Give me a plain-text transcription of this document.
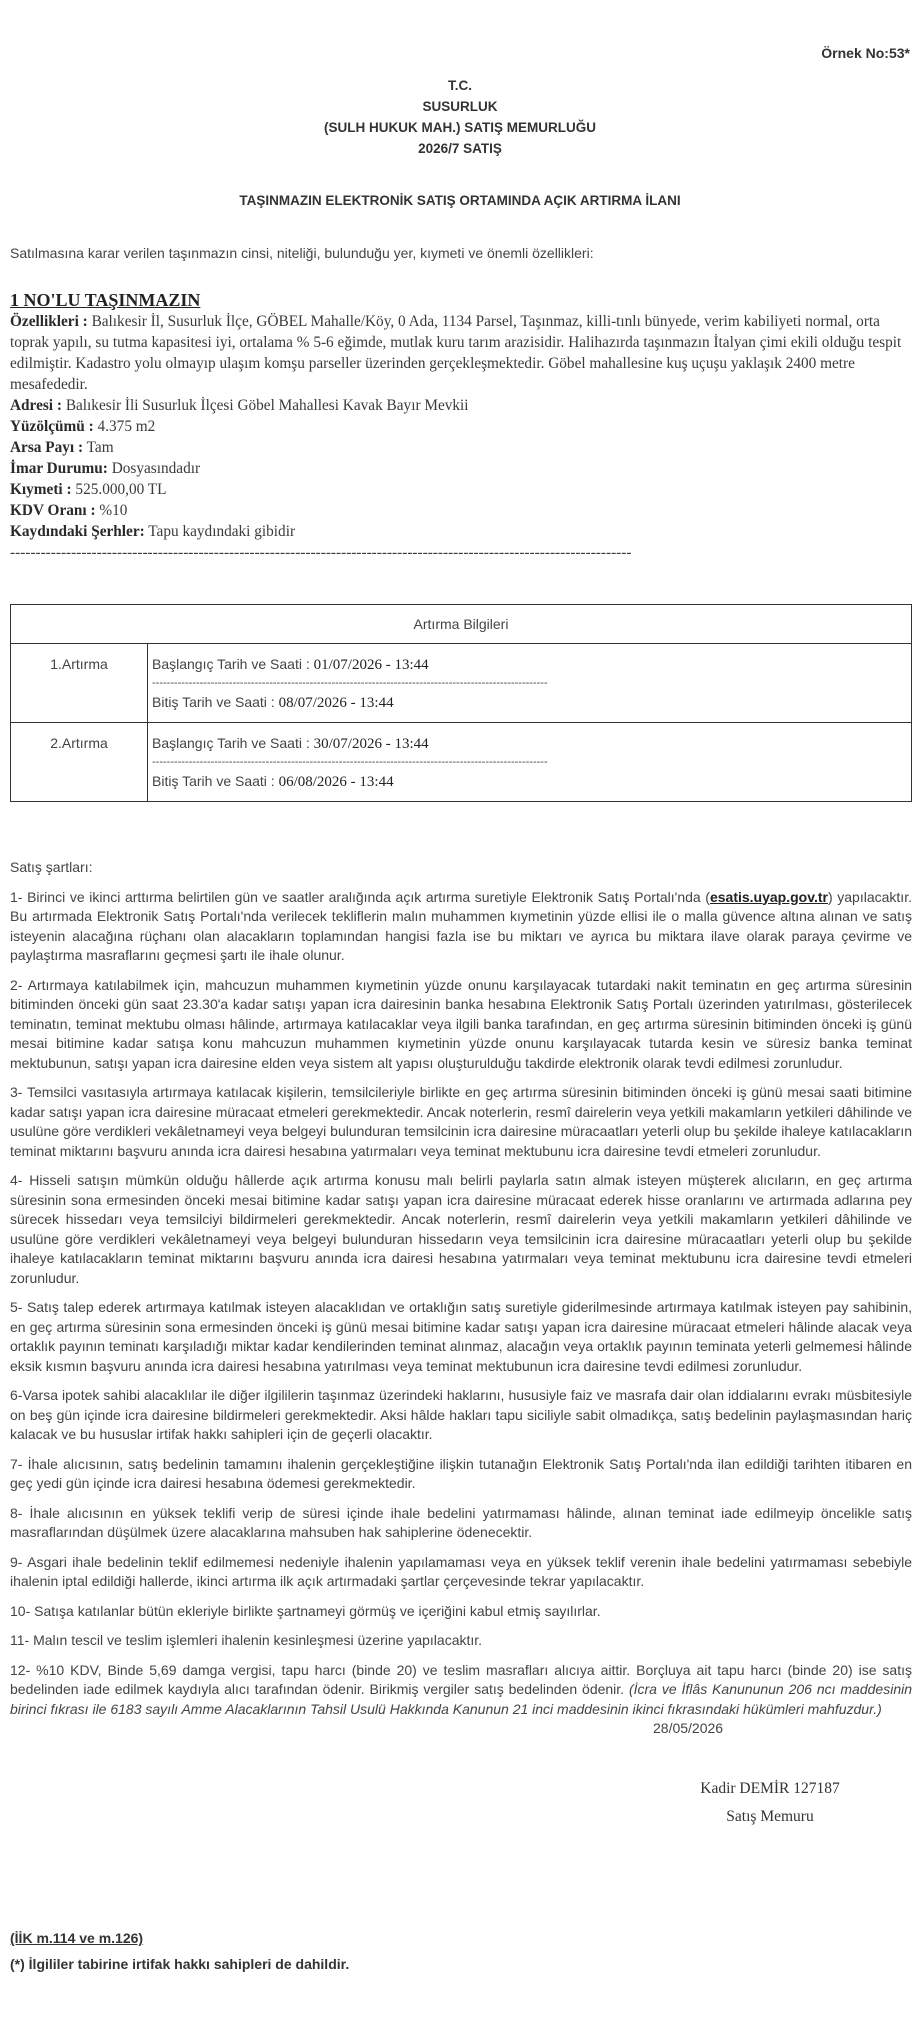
Örnek No:53*
T.C.
SUSURLUK
(SULH HUKUK MAH.) SATIŞ MEMURLUĞU
2026/7 SATIŞ
TAŞINMAZIN ELEKTRONİK SATIŞ ORTAMINDA AÇIK ARTIRMA İLANI
Satılmasına karar verilen taşınmazın cinsi, niteliği, bulunduğu yer, kıymeti ve önemli özellikleri:
1 NO'LU TAŞINMAZIN
Özellikleri : Balıkesir İl, Susurluk İlçe, GÖBEL Mahalle/Köy, 0 Ada, 1134 Parsel, Taşınmaz, killi-tınlı bünyede, verim kabiliyeti normal, orta toprak yapılı, su tutma kapasitesi iyi, ortalama % 5-6 eğimde, mutlak kuru tarım arazisidir. Halihazırda taşınmazın İtalyan çimi ekili olduğu tespit edilmiştir. Kadastro yolu olmayıp ulaşım komşu parseller üzerinden gerçekleşmektedir. Göbel mahallesine kuş uçuşu yaklaşık 2400 metre mesafededir.
Adresi : Balıkesir İli Susurluk İlçesi Göbel Mahallesi Kavak Bayır Mevkii
Yüzölçümü : 4.375 m2
Arsa Payı : Tam
İmar Durumu: Dosyasındadır
Kıymeti : 525.000,00 TL
KDV Oranı : %10
Kaydındaki Şerhler: Tapu kaydındaki gibidir
--------------------------------------------------------------------------------------------------------------------------
Artırma Bilgileri	
1.Artırma	Başlangıç Tarih ve Saati : 01/07/2026 - 13:44
------------------------------------------------------------------------------------------------------------
Bitiş Tarih ve Saati : 08/07/2026 - 13:44

2.Artırma	Başlangıç Tarih ve Saati : 30/07/2026 - 13:44
------------------------------------------------------------------------------------------------------------
Bitiş Tarih ve Saati : 06/08/2026 - 13:44

Satış şartları:

1- Birinci ve ikinci arttırma belirtilen gün ve saatler aralığında açık artırma suretiyle Elektronik Satış Portalı'nda (esatis.uyap.gov.tr) yapılacaktır. Bu artırmada Elektronik Satış Portalı'nda verilecek tekliflerin malın muhammen kıymetinin yüzde ellisi ile o malla güvence altına alınan ve satış isteyenin alacağına rüçhanı olan alacakların toplamından hangisi fazla ise bu miktarı ve ayrıca bu miktara ilave olarak paraya çevirme ve paylaştırma masraflarını geçmesi şartı ile ihale olunur.

2- Artırmaya katılabilmek için, mahcuzun muhammen kıymetinin yüzde onunu karşılayacak tutardaki nakit teminatın en geç artırma süresinin bitiminden önceki gün saat 23.30'a kadar satışı yapan icra dairesinin banka hesabına Elektronik Satış Portalı üzerinden yatırılması, gösterilecek teminatın, teminat mektubu olması hâlinde, artırmaya katılacaklar veya ilgili banka tarafından, en geç artırma süresinin bitiminden önceki iş günü mesai bitimine kadar satışa konu mahcuzun muhammen kıymetinin yüzde onunu karşılayacak tutarda kesin ve süresiz banka teminat mektubunun, satışı yapan icra dairesine elden veya sistem alt yapısı oluşturulduğu takdirde elektronik olarak tevdi edilmesi zorunludur.

3- Temsilci vasıtasıyla artırmaya katılacak kişilerin, temsilcileriyle birlikte en geç artırma süresinin bitiminden önceki iş günü mesai saati bitimine kadar satışı yapan icra dairesine müracaat etmeleri gerekmektedir. Ancak noterlerin, resmî dairelerin veya yetkili makamların yetkileri dâhilinde ve usulüne göre verdikleri vekâletnameyi veya belgeyi bulunduran temsilcinin icra dairesine müracaatları yeterli olup bu şekilde ihaleye katılacakların teminat miktarını başvuru anında icra dairesi hesabına yatırmaları veya teminat mektubunu icra dairesine tevdi etmeleri zorunludur.

4- Hisseli satışın mümkün olduğu hâllerde açık artırma konusu malı belirli paylarla satın almak isteyen müşterek alıcıların, en geç artırma süresinin sona ermesinden önceki mesai bitimine kadar satışı yapan icra dairesine müracaat ederek hisse oranlarını ve artırmada adlarına pey sürecek hissedarı veya temsilciyi bildirmeleri gerekmektedir. Ancak noterlerin, resmî dairelerin veya yetkili makamların yetkileri dâhilinde ve usulüne göre verdikleri vekâletnameyi veya belgeyi bulunduran hissedarın veya temsilcinin icra dairesine müracaatları yeterli olup bu şekilde ihaleye katılacakların teminat miktarını başvuru anında icra dairesi hesabına yatırmaları veya teminat mektubunu icra dairesine tevdi etmeleri zorunludur.

5- Satış talep ederek artırmaya katılmak isteyen alacaklıdan ve ortaklığın satış suretiyle giderilmesinde artırmaya katılmak isteyen pay sahibinin, en geç artırma süresinin sona ermesinden önceki iş günü mesai bitimine kadar satışı yapan icra dairesine müracaat etmeleri hâlinde alacak veya ortaklık payının teminatı karşıladığı miktar kadar kendilerinden teminat alınmaz, alacağın veya ortaklık payının teminata yeterli gelmemesi hâlinde eksik kısmın başvuru anında icra dairesi hesabına yatırılması veya teminat mektubunun icra dairesine tevdi edilmesi zorunludur.

6-Varsa ipotek sahibi alacaklılar ile diğer ilgililerin taşınmaz üzerindeki haklarını, hususiyle faiz ve masrafa dair olan iddialarını evrakı müsbitesiyle on beş gün içinde icra dairesine bildirmeleri gerekmektedir. Aksi hâlde hakları tapu siciliyle sabit olmadıkça, satış bedelinin paylaşmasından hariç kalacak ve bu hususlar irtifak hakkı sahipleri için de geçerli olacaktır.

7- İhale alıcısının, satış bedelinin tamamını ihalenin gerçekleştiğine ilişkin tutanağın Elektronik Satış Portalı'nda ilan edildiği tarihten itibaren en geç yedi gün içinde icra dairesi hesabına ödemesi gerekmektedir.

8- İhale alıcısının en yüksek teklifi verip de süresi içinde ihale bedelini yatırmaması hâlinde, alınan teminat iade edilmeyip öncelikle satış masraflarından düşülmek üzere alacaklarına mahsuben hak sahiplerine ödenecektir.

9- Asgari ihale bedelinin teklif edilmemesi nedeniyle ihalenin yapılamaması veya en yüksek teklif verenin ihale bedelini yatırmaması sebebiyle ihalenin iptal edildiği hallerde, ikinci artırma ilk açık artırmadaki şartlar çerçevesinde tekrar yapılacaktır.

10- Satışa katılanlar bütün ekleriyle birlikte şartnameyi görmüş ve içeriğini kabul etmiş sayılırlar.

11- Malın tescil ve teslim işlemleri ihalenin kesinleşmesi üzerine yapılacaktır.

12- %10 KDV, Binde 5,69 damga vergisi, tapu harcı (binde 20) ve teslim masrafları alıcıya aittir. Borçluya ait tapu harcı (binde 20) ise satış bedelinden iade edilmek kaydıyla alıcı tarafından ödenir. Birikmiş vergiler satış bedelinden ödenir. (İcra ve İflâs Kanununun 206 ncı maddesinin birinci fıkrası ile 6183 sayılı Amme Alacaklarının Tahsil Usulü Hakkında Kanunun 21 inci maddesinin ikinci fıkrasındaki hükümleri mahfuzdur.)

28/05/2026
Kadir DEMİR 127187
Satış Memuru
(İİK m.114 ve m.126)
(*) İlgililer tabirine irtifak hakkı sahipleri de dahildir.
